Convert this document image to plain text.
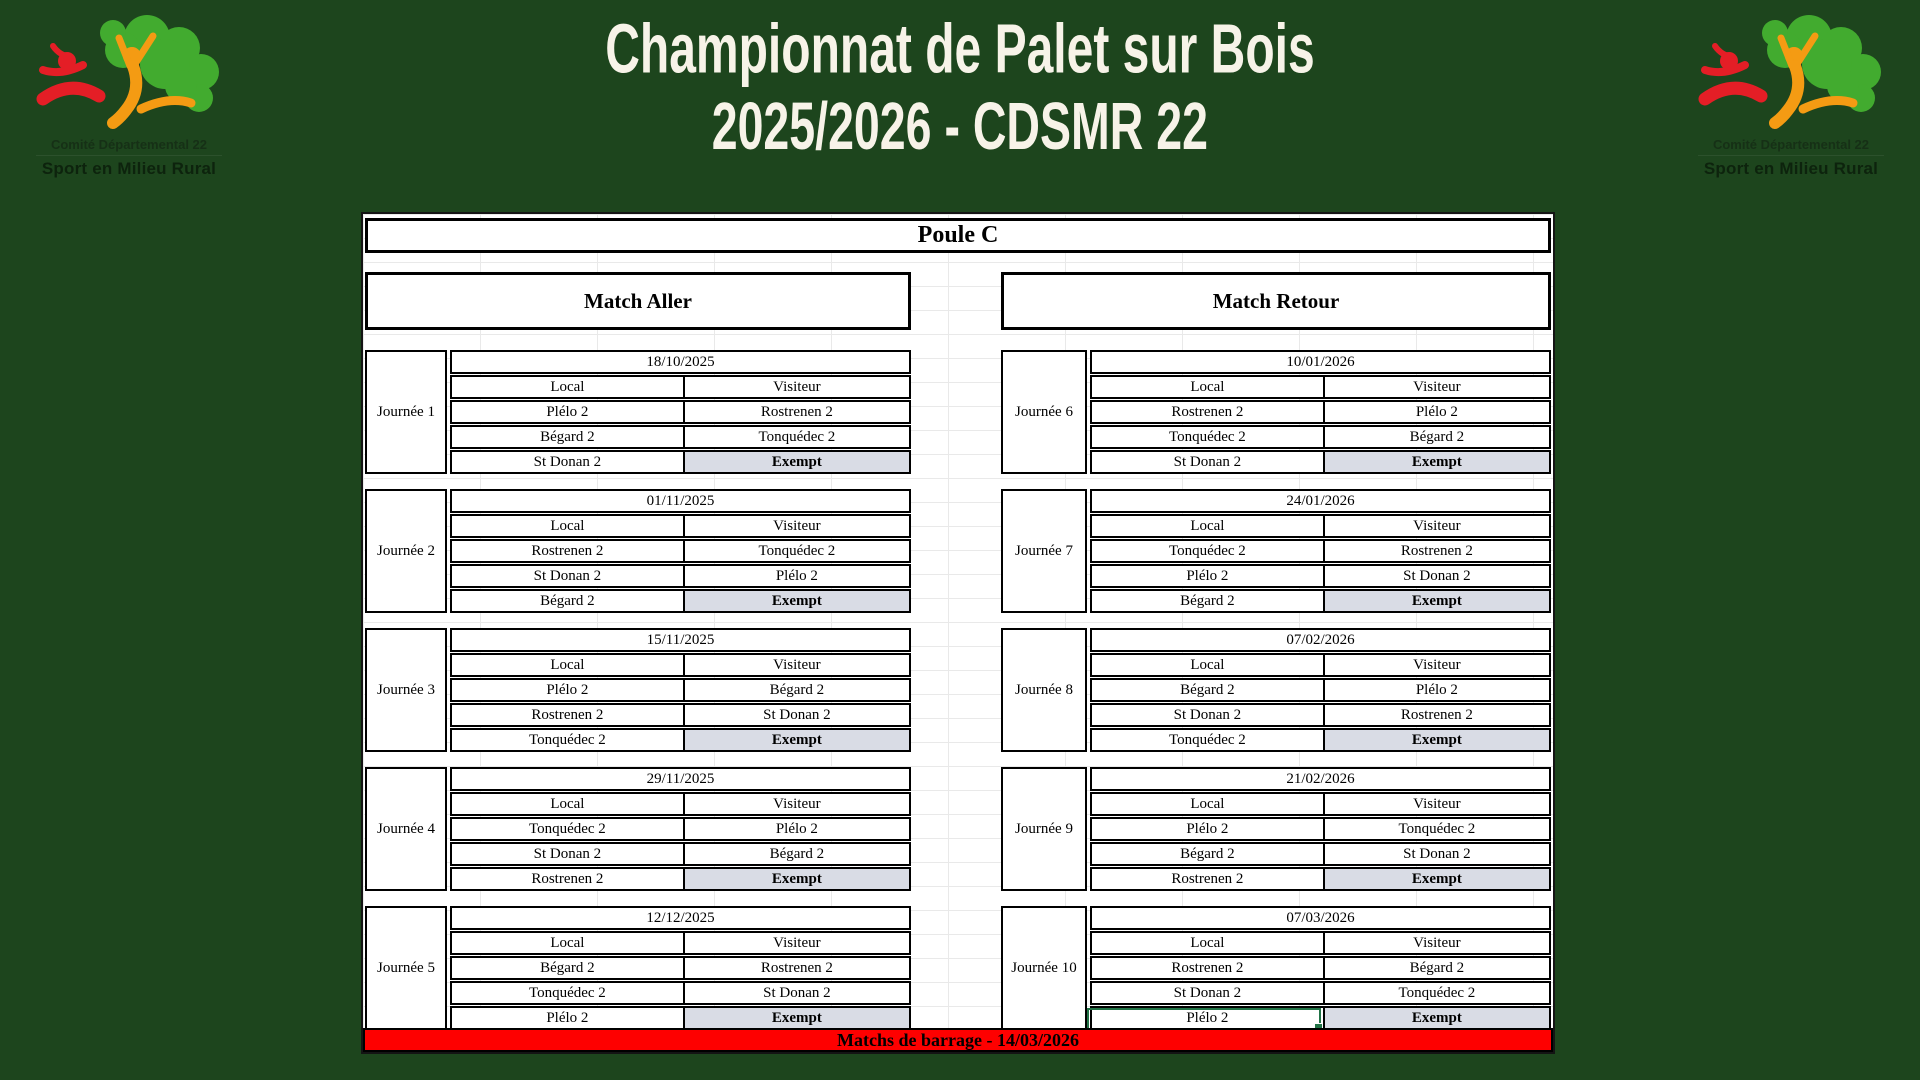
Comité Départemental 22
Sport en Milieu Rural
Comité Départemental 22
Sport en Milieu Rural
Championnat de Palet sur Bois
2025/2026 - CDSMR 22
Poule C
Match Aller	Match Retour
Journée 1
18/10/2025
Local	Visiteur
Plélo 2	Rostrenen 2
Bégard 2	Tonquédec 2
St Donan 2	Exempt
Journée 2
01/11/2025
Local	Visiteur
Rostrenen 2	Tonquédec 2
St Donan 2	Plélo 2
Bégard 2	Exempt
Journée 3
15/11/2025
Local	Visiteur
Plélo 2	Bégard 2
Rostrenen 2	St Donan 2
Tonquédec 2	Exempt
Journée 4
29/11/2025
Local	Visiteur
Tonquédec 2	Plélo 2
St Donan 2	Bégard 2
Rostrenen 2	Exempt
Journée 5
12/12/2025
Local	Visiteur
Bégard 2	Rostrenen 2
Tonquédec 2	St Donan 2
Plélo 2	Exempt
Journée 6
10/01/2026
Local	Visiteur
Rostrenen 2	Plélo 2
Tonquédec 2	Bégard 2
St Donan 2	Exempt
Journée 7
24/01/2026
Local	Visiteur
Tonquédec 2	Rostrenen 2
Plélo 2	St Donan 2
Bégard 2	Exempt
Journée 8
07/02/2026
Local	Visiteur
Bégard 2	Plélo 2
St Donan 2	Rostrenen 2
Tonquédec 2	Exempt
Journée 9
21/02/2026
Local	Visiteur
Plélo 2	Tonquédec 2
Bégard 2	St Donan 2
Rostrenen 2	Exempt
Journée 10
07/03/2026
Local	Visiteur
Rostrenen 2	Bégard 2
St Donan 2	Tonquédec 2
Plélo 2	Exempt
Matchs de barrage - 14/03/2026
